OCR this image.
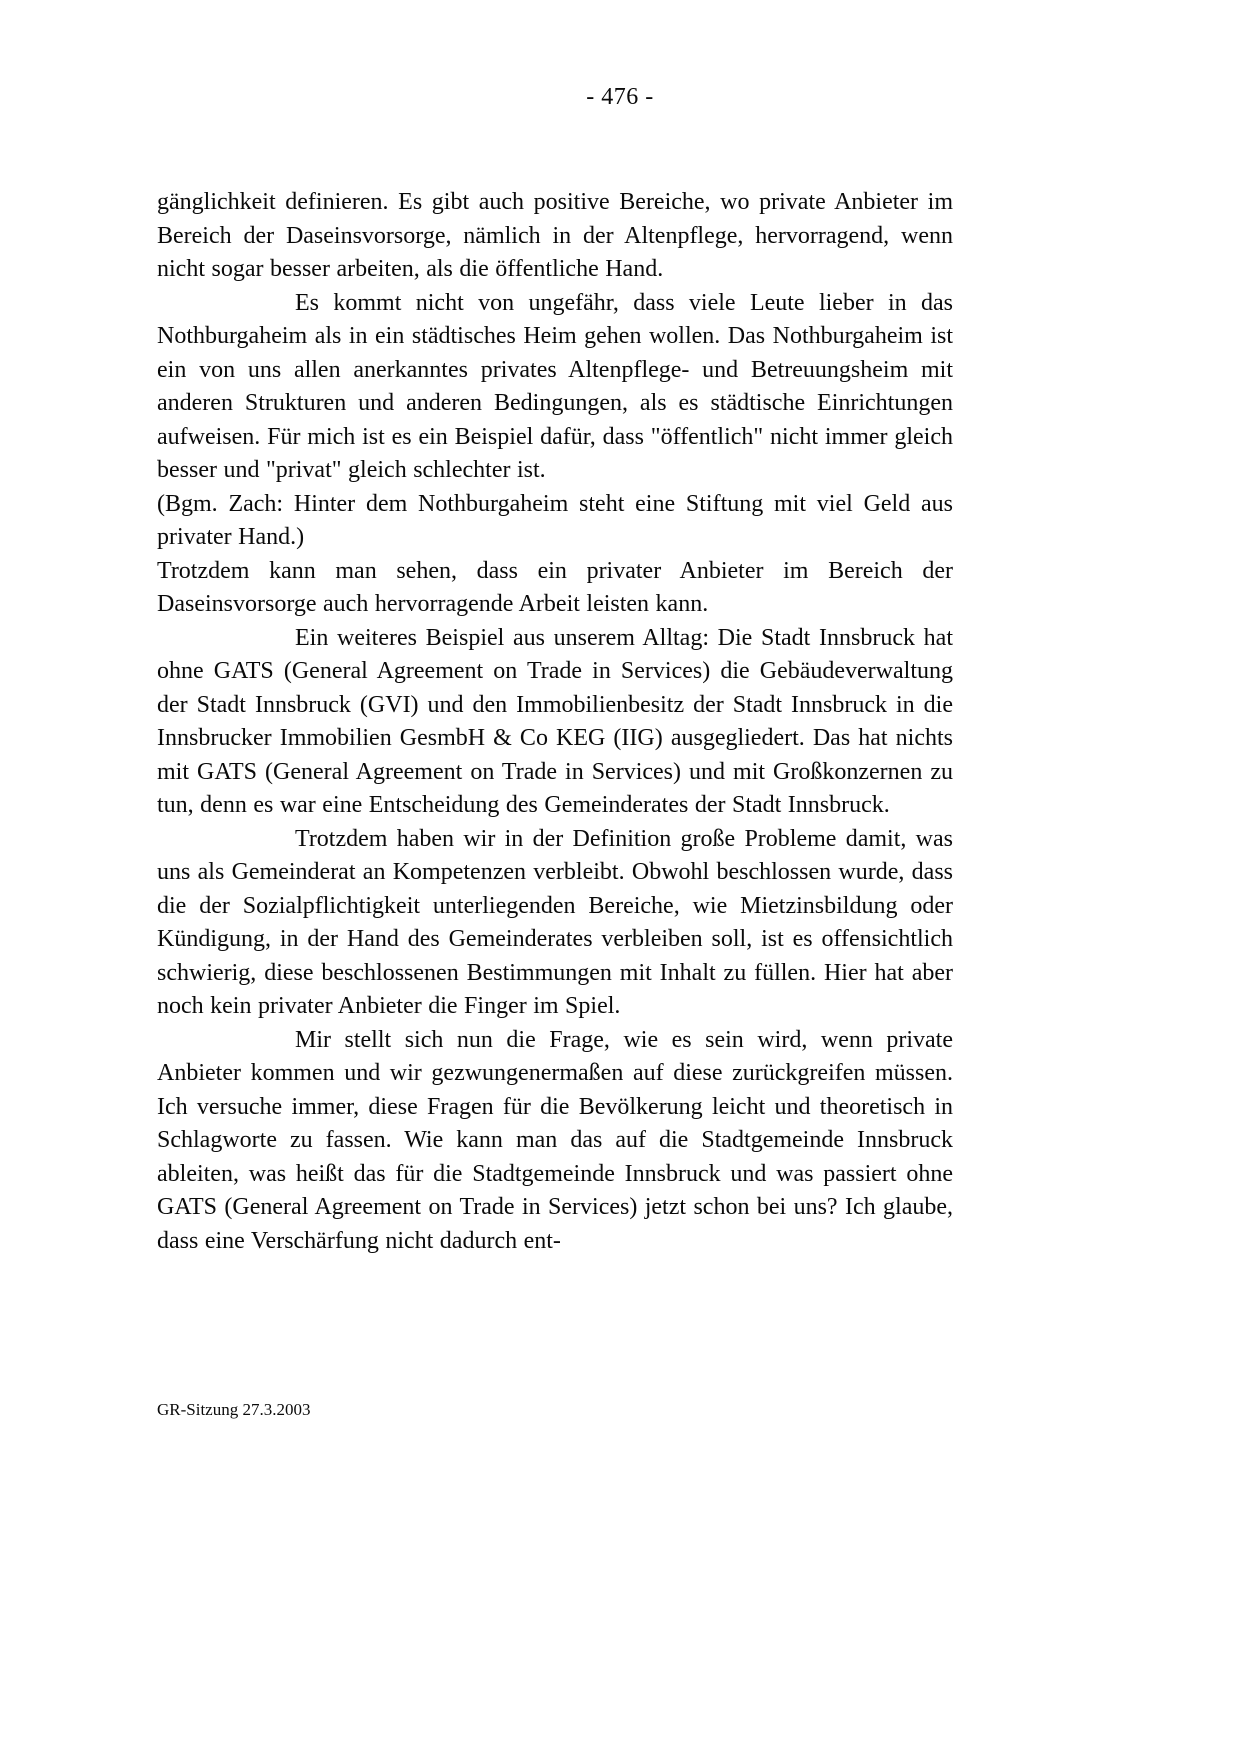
- 476 -

gänglichkeit definieren. Es gibt auch positive Bereiche, wo private Anbieter im Bereich der Daseinsvorsorge, nämlich in der Altenpflege, hervorragend, wenn nicht sogar besser arbeiten, als die öffentliche Hand.

Es kommt nicht von ungefähr, dass viele Leute lieber in das Nothburgaheim als in ein städtisches Heim gehen wollen. Das Nothburgaheim ist ein von uns allen anerkanntes privates Altenpflege- und Betreuungsheim mit anderen Strukturen und anderen Bedingungen, als es städtische Einrichtungen aufweisen. Für mich ist es ein Beispiel dafür, dass "öffentlich" nicht immer gleich besser und "privat" gleich schlechter ist.

(Bgm. Zach: Hinter dem Nothburgaheim steht eine Stiftung mit viel Geld aus privater Hand.)

Trotzdem kann man sehen, dass ein privater Anbieter im Bereich der Daseinsvorsorge auch hervorragende Arbeit leisten kann.

Ein weiteres Beispiel aus unserem Alltag: Die Stadt Innsbruck hat ohne GATS (General Agreement on Trade in Services) die Gebäudeverwaltung der Stadt Innsbruck (GVI) und den Immobilienbesitz der Stadt Innsbruck in die Innsbrucker Immobilien GesmbH & Co KEG (IIG) ausgegliedert. Das hat nichts mit GATS (General Agreement on Trade in Services) und mit Großkonzernen zu tun, denn es war eine Entscheidung des Gemeinderates der Stadt Innsbruck.

Trotzdem haben wir in der Definition große Probleme damit, was uns als Gemeinderat an Kompetenzen verbleibt. Obwohl beschlossen wurde, dass die der Sozialpflichtigkeit unterliegenden Bereiche, wie Mietzinsbildung oder Kündigung, in der Hand des Gemeinderates verbleiben soll, ist es offensichtlich schwierig, diese beschlossenen Bestimmungen mit Inhalt zu füllen. Hier hat aber noch kein privater Anbieter die Finger im Spiel.

Mir stellt sich nun die Frage, wie es sein wird, wenn private Anbieter kommen und wir gezwungenermaßen auf diese zurückgreifen müssen. Ich versuche immer, diese Fragen für die Bevölkerung leicht und theoretisch in Schlagworte zu fassen. Wie kann man das auf die Stadtgemeinde Innsbruck ableiten, was heißt das für die Stadtgemeinde Innsbruck und was passiert ohne GATS (General Agreement on Trade in Services) jetzt schon bei uns? Ich glaube, dass eine Verschärfung nicht dadurch ent-

GR-Sitzung 27.3.2003
